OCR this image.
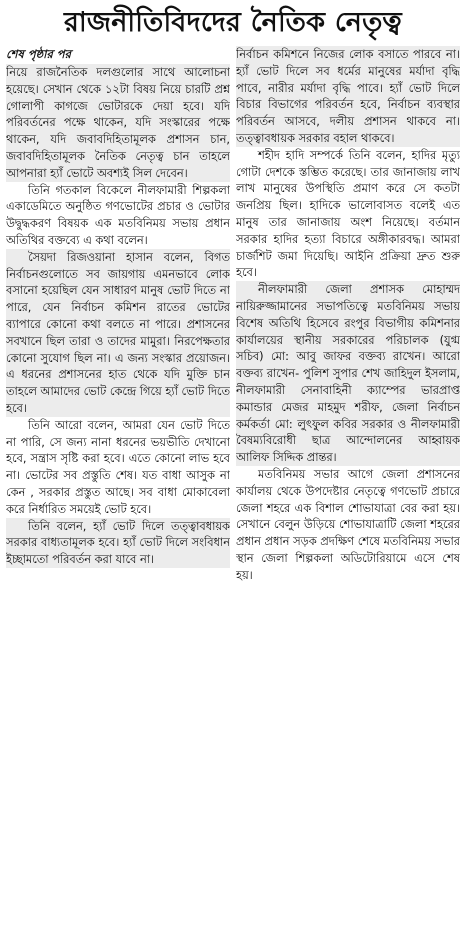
রাজনীতিবিদদের নৈতিক নেতৃত্ব
শেষ পৃষ্ঠার পর

নিয়ে রাজনৈতিক দলগুলোর সাথে আলোচনা হয়েছে। সেখান থেকে ১২টা বিষয় নিয়ে চারটি প্রশ্ন গোলাপী কাগজে ভোটারকে দেয়া হবে। যদি পরিবর্তনের পক্ষে থাকেন, যদি সংস্কারের পক্ষে থাকেন, যদি জবাবদিহিতামূলক প্রশাসন চান, জবাবদিহিতামূলক নৈতিক নেতৃত্ব চান তাহলে আপনারা হ্যাঁ ভোটে অবশ্যই সিল দেবেন।

তিনি গতকাল বিকেলে নীলফামারী শিল্পকলা একাডেমিতে অনুষ্ঠিত গণভোটের প্রচার ও ভোটার উদ্বুদ্ধকরণ বিষয়ক এক মতবিনিময় সভায় প্রধান অতিথির বক্তব্যে এ কথা বলেন।

সৈয়দা রিজওয়ানা হাসান বলেন, বিগত নির্বাচনগুলোতে সব জায়গায় এমনভাবে লোক বসানো হয়েছিল যেন সাধারণ মানুষ ভোট দিতে না পারে, যেন নির্বাচন কমিশন রাতের ভোটের ব্যাপারে কোনো কথা বলতে না পারে। প্রশাসনের সবখানে ছিল তারা ও তাদের মামুরা। নিরপেক্ষতার কোনো সুযোগ ছিল না। এ জন্য সংস্কার প্রয়োজন। এ ধরনের প্রশাসনের হাত থেকে যদি মুক্তি চান তাহলে আমাদের ভোট কেন্দ্রে গিয়ে হ্যাঁ ভোট দিতে হবে।

তিনি আরো বলেন, আমরা যেন ভোট দিতে না পারি, সে জন্য নানা ধরনের ভয়ভীতি দেখানো হবে, সন্ত্রাস সৃষ্টি করা হবে। এতে কোনো লাভ হবে না। ভোটের সব প্রস্তুতি শেষ। যত বাধা আসুক না কেন , সরকার প্রস্তুত আছে। সব বাধা মোকাবেলা করে নির্ধারিত সময়েই ভোট হবে।

তিনি বলেন, হ্যাঁ ভোট দিলে তত্ত্বাবধায়ক সরকার বাধ্যতামূলক হবে। হ্যাঁ ভোট দিলে সংবিধান ইচ্ছামতো পরিবর্তন করা যাবে না।

নির্বাচন কমিশনে নিজের লোক বসাতে পারবে না। হ্যাঁ ভোট দিলে সব ধর্মের মানুষের মর্যাদা বৃদ্ধি পাবে, নারীর মর্যাদা বৃদ্ধি পাবে। হ্যাঁ ভোট দিলে বিচার বিভাগের পরিবর্তন হবে, নির্বাচন ব্যবস্থার পরিবর্তন আসবে, দলীয় প্রশাসন থাকবে না। তত্ত্বাবধায়ক সরকার বহাল থাকবে।

শহীদ হাদি সম্পর্কে তিনি বলেন, হাদির মৃত্যু গোটা দেশকে স্তম্ভিত করেছে। তার জানাজায় লাখ লাখ মানুষের উপস্থিতি প্রমাণ করে সে কতটা জনপ্রিয় ছিল। হাদিকে ভালোবাসত বলেই এত মানুষ তার জানাজায় অংশ নিয়েছে। বর্তমান সরকার হাদির হত্যা বিচারে অঙ্গীকারবদ্ধ। আমরা চার্জশিট জমা দিয়েছি। আইনি প্রক্রিয়া দ্রুত শুরু হবে।

নীলফামারী জেলা প্রশাসক মোহাম্মদ নায়িরুজ্জামানের সভাপতিত্বে মতবিনিময় সভায় বিশেষ অতিথি হিসেবে রংপুর বিভাগীয় কমিশনার কার্যালয়ের স্থানীয় সরকারের পরিচালক (যুগ্ম সচিব) মো: আবু জাফর বক্তব্য রাখেন। আরো বক্তব্য রাখেন- পুলিশ সুপার শেখ জাহিদুল ইসলাম, নীলফামারী সেনাবাহিনী ক্যাম্পের ভারপ্রাপ্ত কমান্ডার মেজর মাহমুদ শরীফ, জেলা নির্বাচন কর্মকর্তা মো: লুৎফুল কবির সরকার ও নীলফামারী বৈষম্যবিরোধী ছাত্র আন্দোলনের আহ্বায়ক আলিফ সিদ্দিক প্রান্তর।

মতবিনিময় সভার আগে জেলা প্রশাসনের কার্যালয় থেকে উপদেষ্টার নেতৃত্বে গণভোট প্রচারে জেলা শহরে এক বিশাল শোভাযাত্রা বের করা হয়। সেখানে বেলুন উড়িয়ে শোভাযাত্রাটি জেলা শহরের প্রধান প্রধান সড়ক প্রদক্ষিণ শেষে মতবিনিময় সভার স্থান জেলা শিল্পকলা অডিটোরিয়ামে এসে শেষ হয়।
